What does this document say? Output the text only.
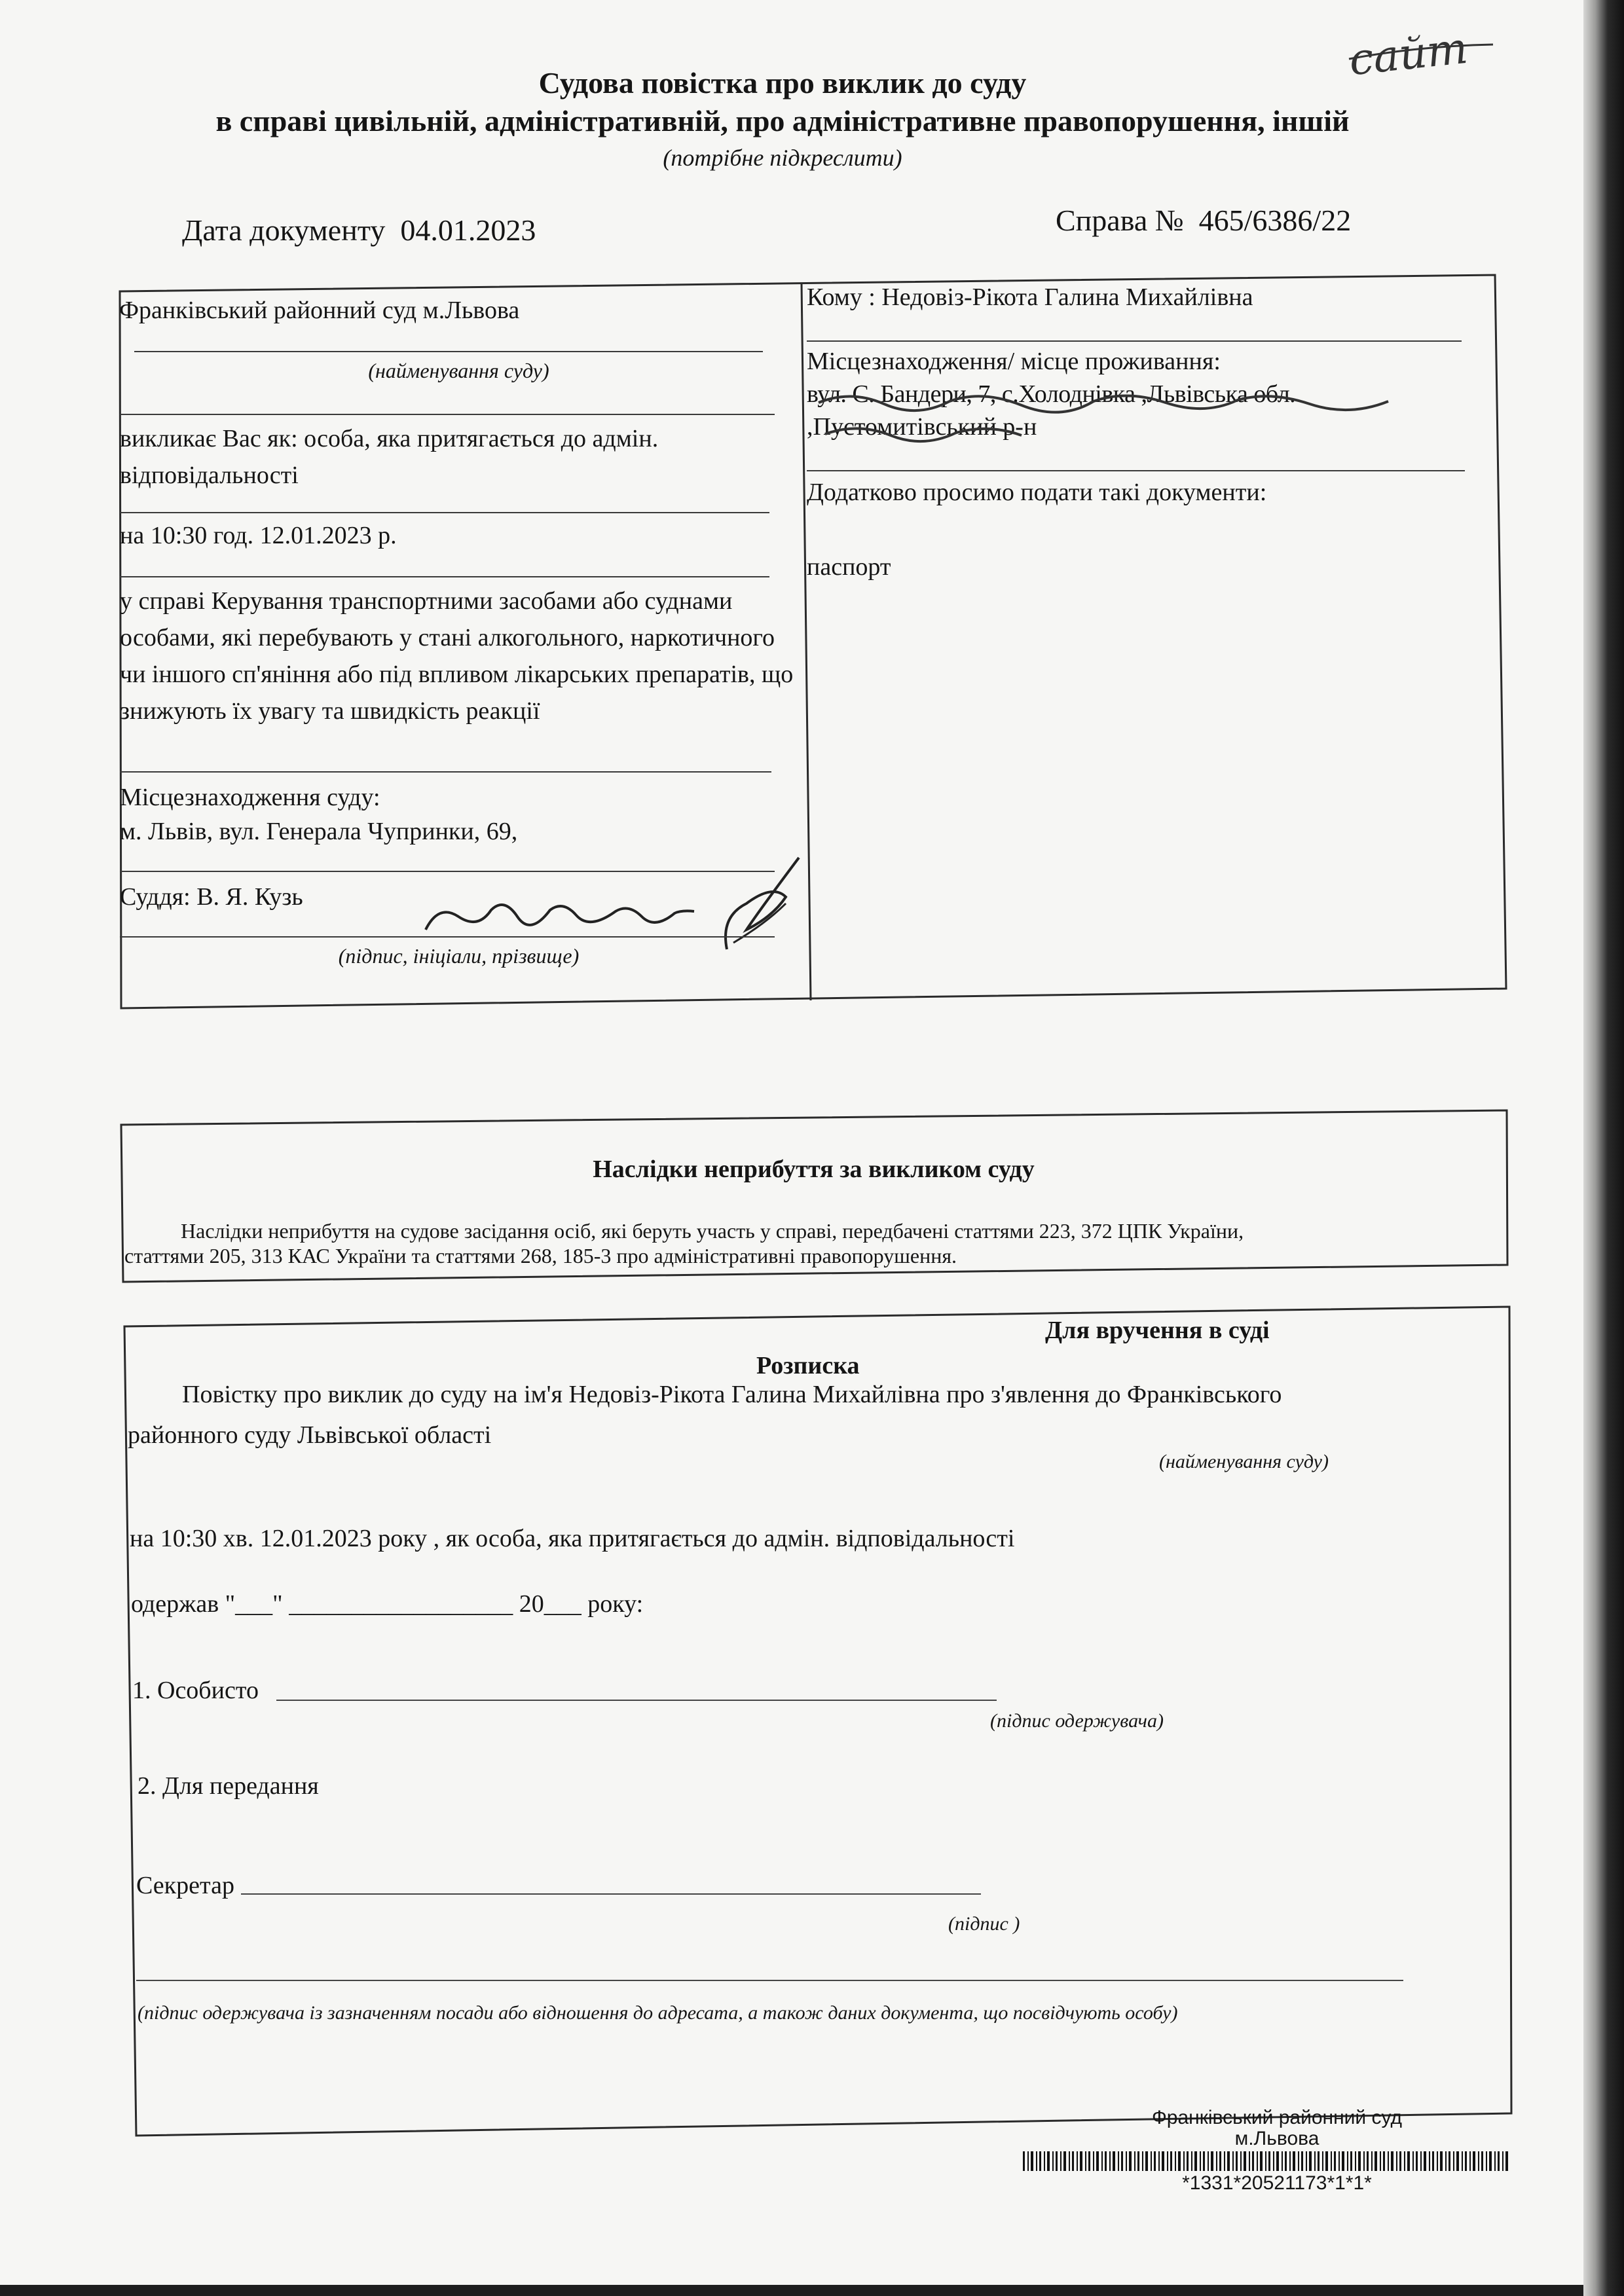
сайт
Судова повістка про виклик до суду
в справі цивільній, адміністративній, про адміністративне правопорушення, іншій
(потрібне підкреслити)
Дата документу 04.01.2023	Справа № 465/6386/22
Франківський районний суд м.Львова
(найменування суду)
викликає Вас як: особа, яка притягається до адмін.
відповідальності
на 10:30 год. 12.01.2023 р.
у справі Керування транспортними засобами або суднами особами, які перебувають у стані алкогольного, наркотичного чи іншого сп'яніння або під впливом лікарських препаратів, що знижують їх увагу та швидкість реакції
Місцезнаходження суду:
м. Львів, вул. Генерала Чупринки, 69,
Суддя: В. Я. Кузь
(підпис, ініціали, прізвище)
Кому : Недовіз-Рікота Галина Михайлівна
Місцезнаходження/ місце проживання:
вул. С. Бандери, 7, с.Холоднівка ,Львівська обл.
,Пустомитівський р-н
Додатково просимо подати такі документи:
паспорт
Наслідки неприбуття за викликом суду
Наслідки неприбуття на судове засідання осіб, які беруть участь у справі, передбачені статтями 223, 372 ЦПК України,
статтями 205, 313 КАС України та статтями 268, 185-3 про адміністративні правопорушення.
Для вручення в суді
Розписка
Повістку про виклик до суду на ім'я Недовіз-Рікота Галина Михайлівна про з'явлення до Франківського
районного суду Львівської області
(найменування суду)
на 10:30 хв. 12.01.2023 року , як особа, яка притягається до адмін. відповідальності
одержав "___" __________________ 20___ року:
1. Особисто
(підпис одержувача)
2. Для передання
Секретар
(підпис )
(підпис одержувача із зазначенням посади або відношення до адресата, а також даних документа, що посвідчують особу)
Франківський районний суд
м.Львова
*1331*20521173*1*1*
